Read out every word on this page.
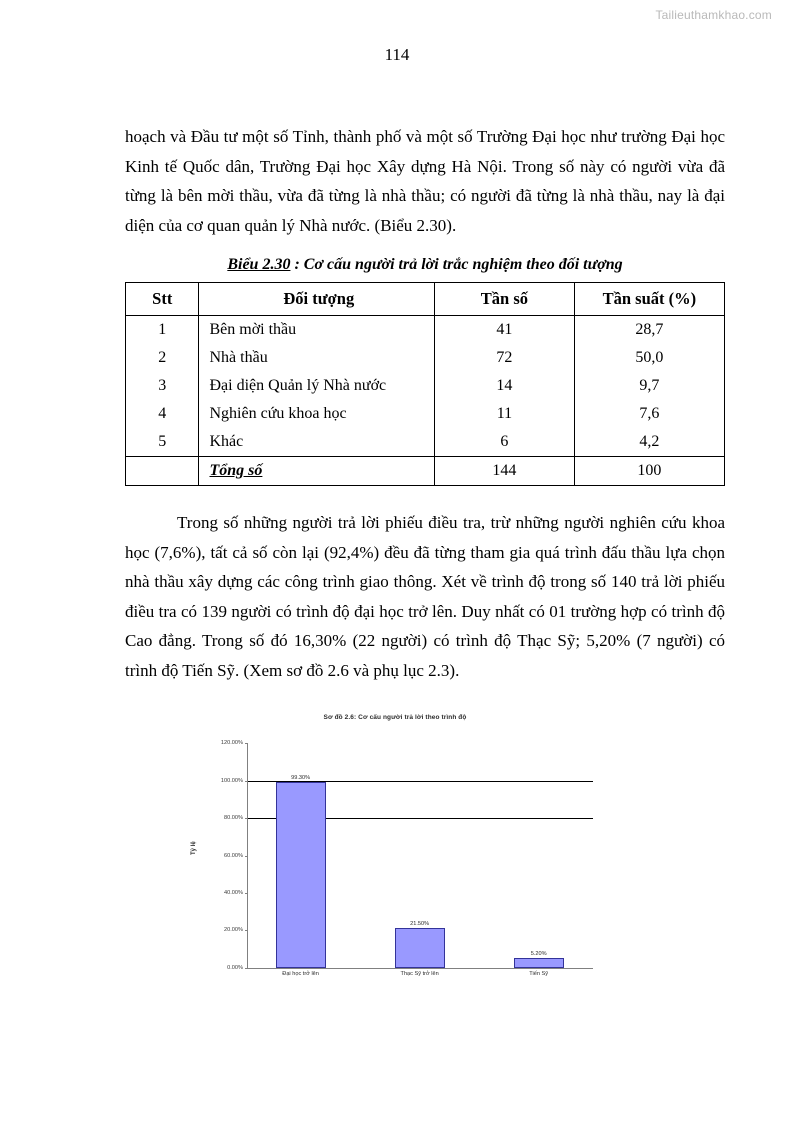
Tailieuthamkhao.com
114

hoạch và Đầu tư một số Tỉnh, thành phố và một số Trường Đại học như trường Đại học Kinh tế Quốc dân, Trường Đại học Xây dựng Hà Nội. Trong số này có người vừa đã từng là bên mời thầu, vừa đã từng là nhà thầu; có người đã từng là nhà thầu, nay là đại diện của cơ quan quản lý Nhà nước. (Biểu 2.30).

Biểu 2.30 : Cơ cấu người trả lời trắc nghiệm theo đối tượng
Stt	Đối tượng	Tần số	Tần suất (%)
1	Bên mời thầu	41	28,7
2	Nhà thầu	72	50,0
3	Đại diện Quản lý Nhà nước	14	9,7
4	Nghiên cứu khoa học	11	7,6
5	Khác	6	4,2
	Tổng số	144	100

Trong số những người trả lời phiếu điều tra, trừ những người nghiên cứu khoa học (7,6%), tất cả số còn lại (92,4%) đều đã từng tham gia quá trình đấu thầu lựa chọn nhà thầu xây dựng các công trình giao thông. Xét về trình độ trong số 140 trả lời phiếu điều tra có 139 người có trình độ đại học trở lên. Duy nhất có 01 trường hợp có trình độ Cao đẳng. Trong số đó 16,30% (22 người) có trình độ Thạc Sỹ; 5,20% (7 người) có trình độ Tiến Sỹ. (Xem sơ đồ 2.6 và phụ lục 2.3).

Sơ đồ 2.6: Cơ cấu người trả lời theo trình độ
Tỷ lệ
120.00%
100.00%
80.00%
60.00%
40.00%
20.00%
0.00%
99.30%
Đại học trở lên
21.50%
Thạc Sỹ trở lên
5.20%
Tiến Sỹ
